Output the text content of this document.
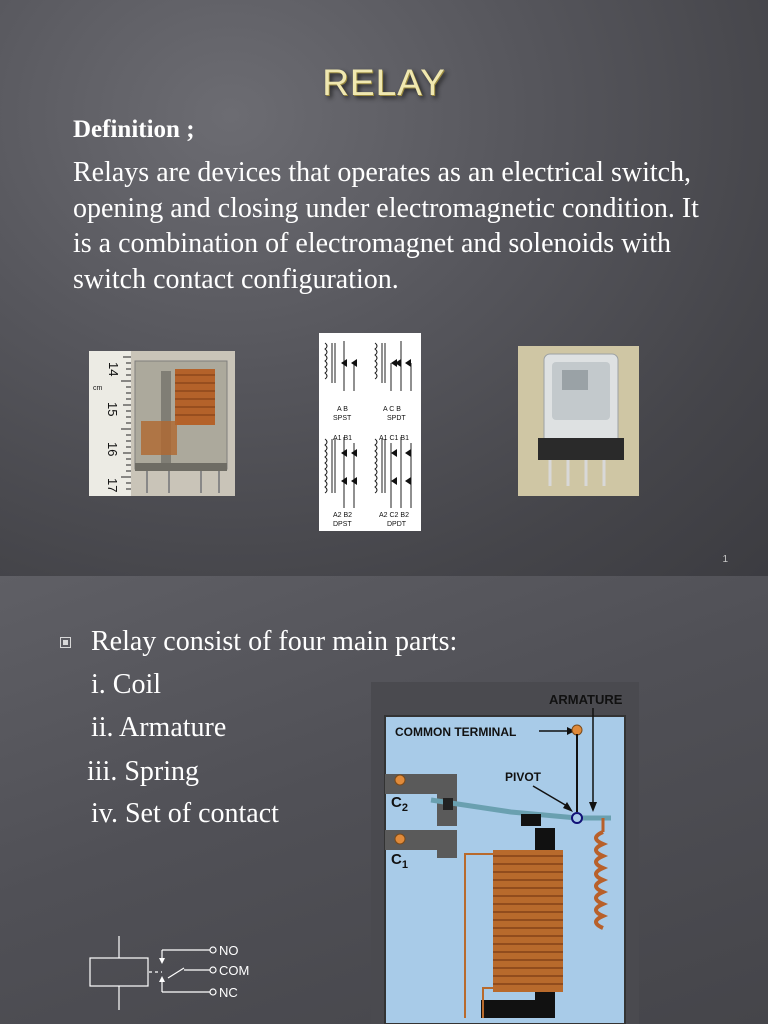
RELAY
Definition ;
Relays are devices that operates as an electrical switch, opening and closing under electromagnetic condition. It is a combination of electromagnet and solenoids with switch contact configuration.
14
cm
15
16
17
A B
SPST
A C B
SPDT
A1 B1
A2 B2
DPST
A1 C1 B1
A2 C2 B2
DPDT
1
Relay consist of four main parts:
i. Coil
ii. Armature
iii. Spring
iv. Set of contact
NO
COM
NC
ARMATURE
COMMON TERMINAL
PIVOT
$C_2$
$C_1$
